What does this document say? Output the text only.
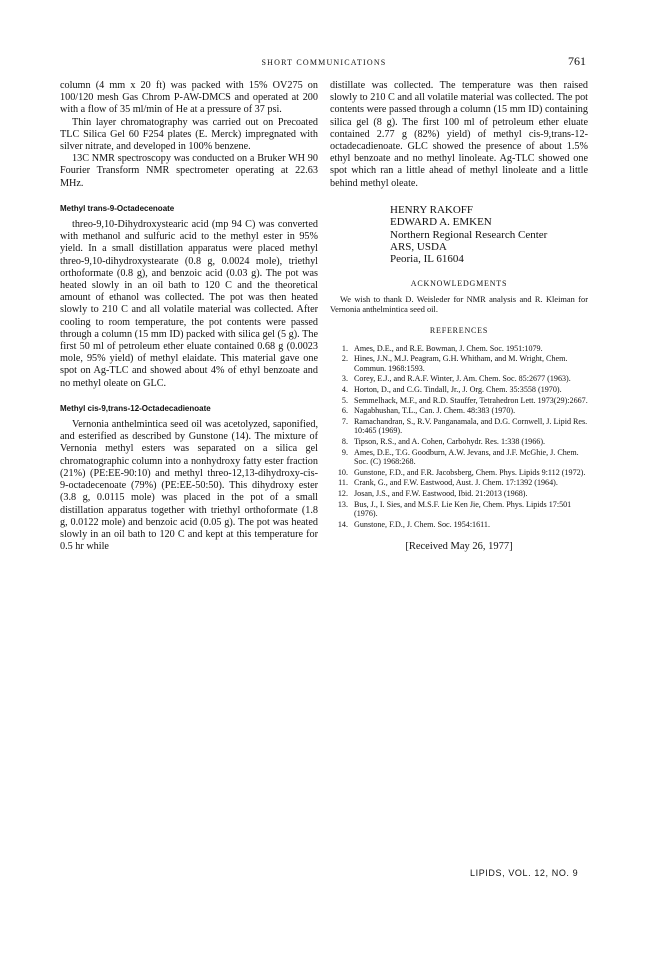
SHORT COMMUNICATIONS	761

column (4 mm x 20 ft) was packed with 15% OV275 on 100/120 mesh Gas Chrom P-AW-DMCS and operated at 200 with a flow of 35 ml/min of He at a pressure of 37 psi.

Thin layer chromatography was carried out on Precoated TLC Silica Gel 60 F254 plates (E. Merck) impregnated with silver nitrate, and developed in 100% benzene.

13C NMR spectroscopy was conducted on a Bruker WH 90 Fourier Transform NMR spectrometer operating at 22.63 MHz.

Methyl trans-9-Octadecenoate

threo-9,10-Dihydroxystearic acid (mp 94 C) was converted with methanol and sulfuric acid to the methyl ester in 95% yield. In a small distillation apparatus were placed methyl threo-9,10-dihydroxystearate (0.8 g, 0.0024 mole), triethyl orthoformate (0.8 g), and benzoic acid (0.03 g). The pot was heated slowly in an oil bath to 120 C and the theoretical amount of ethanol was collected. The pot was then heated slowly to 210 C and all volatile material was collected. After cooling to room temperature, the pot contents were passed through a column (15 mm ID) packed with silica gel (5 g). The first 50 ml of petroleum ether eluate contained 0.68 g (0.0023 mole, 95% yield) of methyl elaidate. This material gave one spot on Ag-TLC and showed about 4% of ethyl benzoate and no methyl oleate on GLC.

Methyl cis-9,trans-12-Octadecadienoate

Vernonia anthelmintica seed oil was acetolyzed, saponified, and esterified as described by Gunstone (14). The mixture of Vernonia methyl esters was separated on a silica gel chromatographic column into a nonhydroxy fatty ester fraction (21%) (PE:EE-90:10) and methyl threo-12,13-dihydroxy-cis-9-octadecenoate (79%) (PE:EE-50:50). This dihydroxy ester (3.8 g, 0.0115 mole) was placed in the pot of a small distillation apparatus together with triethyl orthoformate (1.8 g, 0.0122 mole) and benzoic acid (0.05 g). The pot was heated slowly in an oil bath to 120 C and kept at this temperature for 0.5 hr while

distillate was collected. The temperature was then raised slowly to 210 C and all volatile material was collected. The pot contents were passed through a column (15 mm ID) containing silica gel (8 g). The first 100 ml of petroleum ether eluate contained 2.77 g (82%) yield) of methyl cis-9,trans-12-octadecadienoate. GLC showed the presence of about 1.5% ethyl benzoate and no methyl linoleate. Ag-TLC showed one spot which ran a little ahead of methyl linoleate and a little behind methyl oleate.

HENRY RAKOFF
EDWARD A. EMKEN
Northern Regional Research Center
ARS, USDA
Peoria, IL 61604
ACKNOWLEDGMENTS

We wish to thank D. Weisleder for NMR analysis and R. Kleiman for Vernonia anthelmintica seed oil.

REFERENCES
1. Ames, D.E., and R.E. Bowman, J. Chem. Soc. 1951:1079.
2. Hines, J.N., M.J. Peagram, G.H. Whitham, and M. Wright, Chem. Commun. 1968:1593.
3. Corey, E.J., and R.A.F. Winter, J. Am. Chem. Soc. 85:2677 (1963).
4. Horton, D., and C.G. Tindall, Jr., J. Org. Chem. 35:3558 (1970).
5. Semmelhack, M.F., and R.D. Stauffer, Tetrahedron Lett. 1973(29):2667.
6. Nagabhushan, T.L., Can. J. Chem. 48:383 (1970).
7. Ramachandran, S., R.V. Panganamala, and D.G. Cornwell, J. Lipid Res. 10:465 (1969).
8. Tipson, R.S., and A. Cohen, Carbohydr. Res. 1:338 (1966).
9. Ames, D.E., T.G. Goodburn, A.W. Jevans, and J.F. McGhie, J. Chem. Soc. (C) 1968:268.
10. Gunstone, F.D., and F.R. Jacobsberg, Chem. Phys. Lipids 9:112 (1972).
11. Crank, G., and F.W. Eastwood, Aust. J. Chem. 17:1392 (1964).
12. Josan, J.S., and F.W. Eastwood, Ibid. 21:2013 (1968).
13. Bus, J., I. Sies, and M.S.F. Lie Ken Jie, Chem. Phys. Lipids 17:501 (1976).
14. Gunstone, F.D., J. Chem. Soc. 1954:1611.
[Received May 26, 1977]
LIPIDS, VOL. 12, NO. 9
